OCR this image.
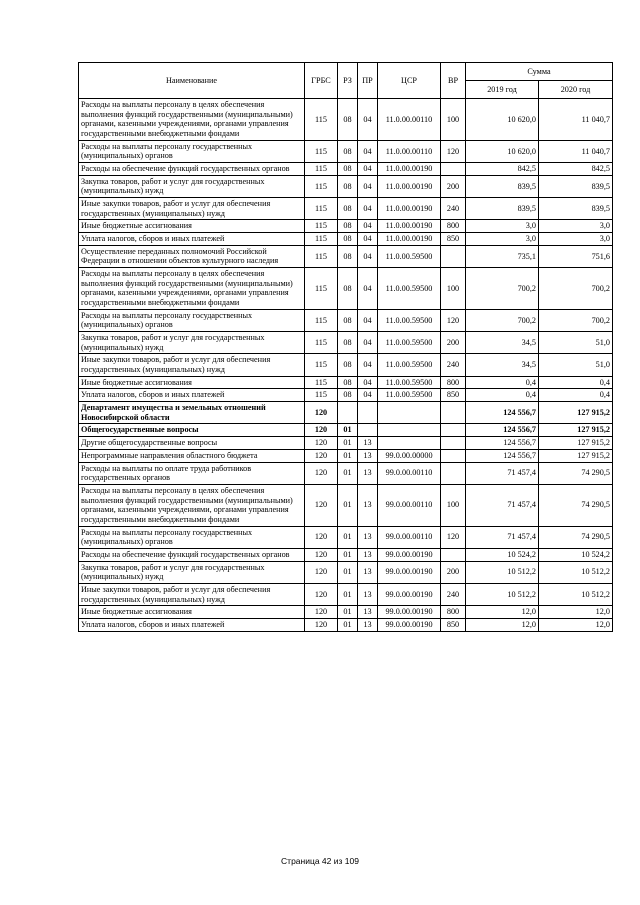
Наименование	ГРБС	РЗ	ПР	ЦСР	ВР	Сумма	
						2019 год	2020 год
Расходы на выплаты персоналу в целях обеспечения выполнения функций государственными (муниципальными) органами, казенными учреждениями, органами управления государственными внебюджетными фондами	115	08	04	11.0.00.00110	100	10 620,0	11 040,7
Расходы на выплаты персоналу государственных (муниципальных) органов	115	08	04	11.0.00.00110	120	10 620,0	11 040,7
Расходы на обеспечение функций государственных органов	115	08	04	11.0.00.00190		842,5	842,5
Закупка товаров, работ и услуг для государственных (муниципальных) нужд	115	08	04	11.0.00.00190	200	839,5	839,5
Иные закупки товаров, работ и услуг для обеспечения государственных (муниципальных) нужд	115	08	04	11.0.00.00190	240	839,5	839,5
Иные бюджетные ассигнования	115	08	04	11.0.00.00190	800	3,0	3,0
Уплата налогов, сборов и иных платежей	115	08	04	11.0.00.00190	850	3,0	3,0
Осуществление переданных полномочий Российской Федерации в отношении объектов культурного наследия	115	08	04	11.0.00.59500		735,1	751,6
Расходы на выплаты персоналу в целях обеспечения выполнения функций государственными (муниципальными) органами, казенными учреждениями, органами управления государственными внебюджетными фондами	115	08	04	11.0.00.59500	100	700,2	700,2
Расходы на выплаты персоналу государственных (муниципальных) органов	115	08	04	11.0.00.59500	120	700,2	700,2
Закупка товаров, работ и услуг для государственных (муниципальных) нужд	115	08	04	11.0.00.59500	200	34,5	51,0
Иные закупки товаров, работ и услуг для обеспечения государственных (муниципальных) нужд	115	08	04	11.0.00.59500	240	34,5	51,0
Иные бюджетные ассигнования	115	08	04	11.0.00.59500	800	0,4	0,4
Уплата налогов, сборов и иных платежей	115	08	04	11.0.00.59500	850	0,4	0,4
Департамент имущества и земельных отношений Новосибирской области	120					124 556,7	127 915,2
Общегосударственные вопросы	120	01				124 556,7	127 915,2
Другие общегосударственные вопросы	120	01	13			124 556,7	127 915,2
Непрограммные направления областного бюджета	120	01	13	99.0.00.00000		124 556,7	127 915,2
Расходы на выплаты по оплате труда работников государственных органов	120	01	13	99.0.00.00110		71 457,4	74 290,5
Расходы на выплаты персоналу в целях обеспечения выполнения функций государственными (муниципальными) органами, казенными учреждениями, органами управления государственными внебюджетными фондами	120	01	13	99.0.00.00110	100	71 457,4	74 290,5
Расходы на выплаты персоналу государственных (муниципальных) органов	120	01	13	99.0.00.00110	120	71 457,4	74 290,5
Расходы на обеспечение функций государственных органов	120	01	13	99.0.00.00190		10 524,2	10 524,2
Закупка товаров, работ и услуг для государственных (муниципальных) нужд	120	01	13	99.0.00.00190	200	10 512,2	10 512,2
Иные закупки товаров, работ и услуг для обеспечения государственных (муниципальных) нужд	120	01	13	99.0.00.00190	240	10 512,2	10 512,2
Иные бюджетные ассигнования	120	01	13	99.0.00.00190	800	12,0	12,0
Уплата налогов, сборов и иных платежей	120	01	13	99.0.00.00190	850	12,0	12,0
Страница 42 из 109
